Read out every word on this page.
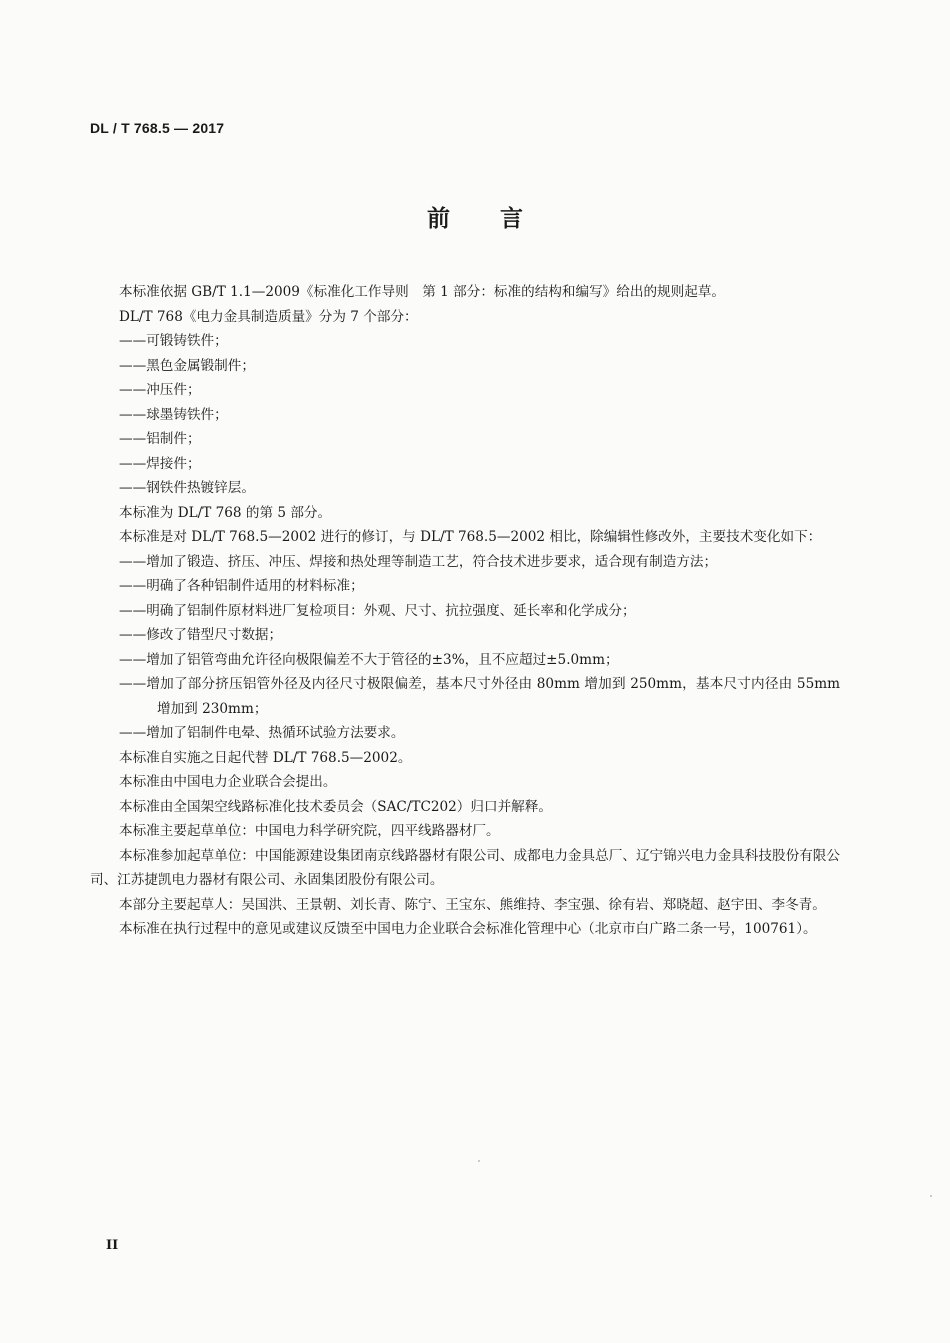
DL / T 768.5 — 2017
前言

本标准依据 GB/T 1.1—2009《标准化工作导则　第 1 部分：标准的结构和编写》给出的规则起草。

DL/T 768《电力金具制造质量》分为 7 个部分：

——可锻铸铁件；

——黑色金属锻制件；

——冲压件；

——球墨铸铁件；

——铝制件；

——焊接件；

——钢铁件热镀锌层。

本标准为 DL/T 768 的第 5 部分。

本标准是对 DL/T 768.5—2002 进行的修订，与 DL/T 768.5—2002 相比，除编辑性修改外，主要技术变化如下：

——增加了锻造、挤压、冲压、焊接和热处理等制造工艺，符合技术进步要求，适合现有制造方法；

——明确了各种铝制件适用的材料标准；

——明确了铝制件原材料进厂复检项目：外观、尺寸、抗拉强度、延长率和化学成分；

——修改了错型尺寸数据；

——增加了铝管弯曲允许径向极限偏差不大于管径的±3%，且不应超过±5.0mm；

——增加了部分挤压铝管外径及内径尺寸极限偏差，基本尺寸外径由 80mm 增加到 250mm，基本尺寸内径由 55mm 增加到 230mm；

——增加了铝制件电晕、热循环试验方法要求。

本标准自实施之日起代替 DL/T 768.5—2002。

本标准由中国电力企业联合会提出。

本标准由全国架空线路标准化技术委员会（SAC/TC202）归口并解释。

本标准主要起草单位：中国电力科学研究院，四平线路器材厂。

本标准参加起草单位：中国能源建设集团南京线路器材有限公司、成都电力金具总厂、辽宁锦兴电力金具科技股份有限公司、江苏捷凯电力器材有限公司、永固集团股份有限公司。

本部分主要起草人：吴国洪、王景朝、刘长青、陈宁、王宝东、熊维持、李宝强、徐有岩、郑晓超、赵宇田、李冬青。

本标准在执行过程中的意见或建议反馈至中国电力企业联合会标准化管理中心（北京市白广路二条一号，100761）。

II
